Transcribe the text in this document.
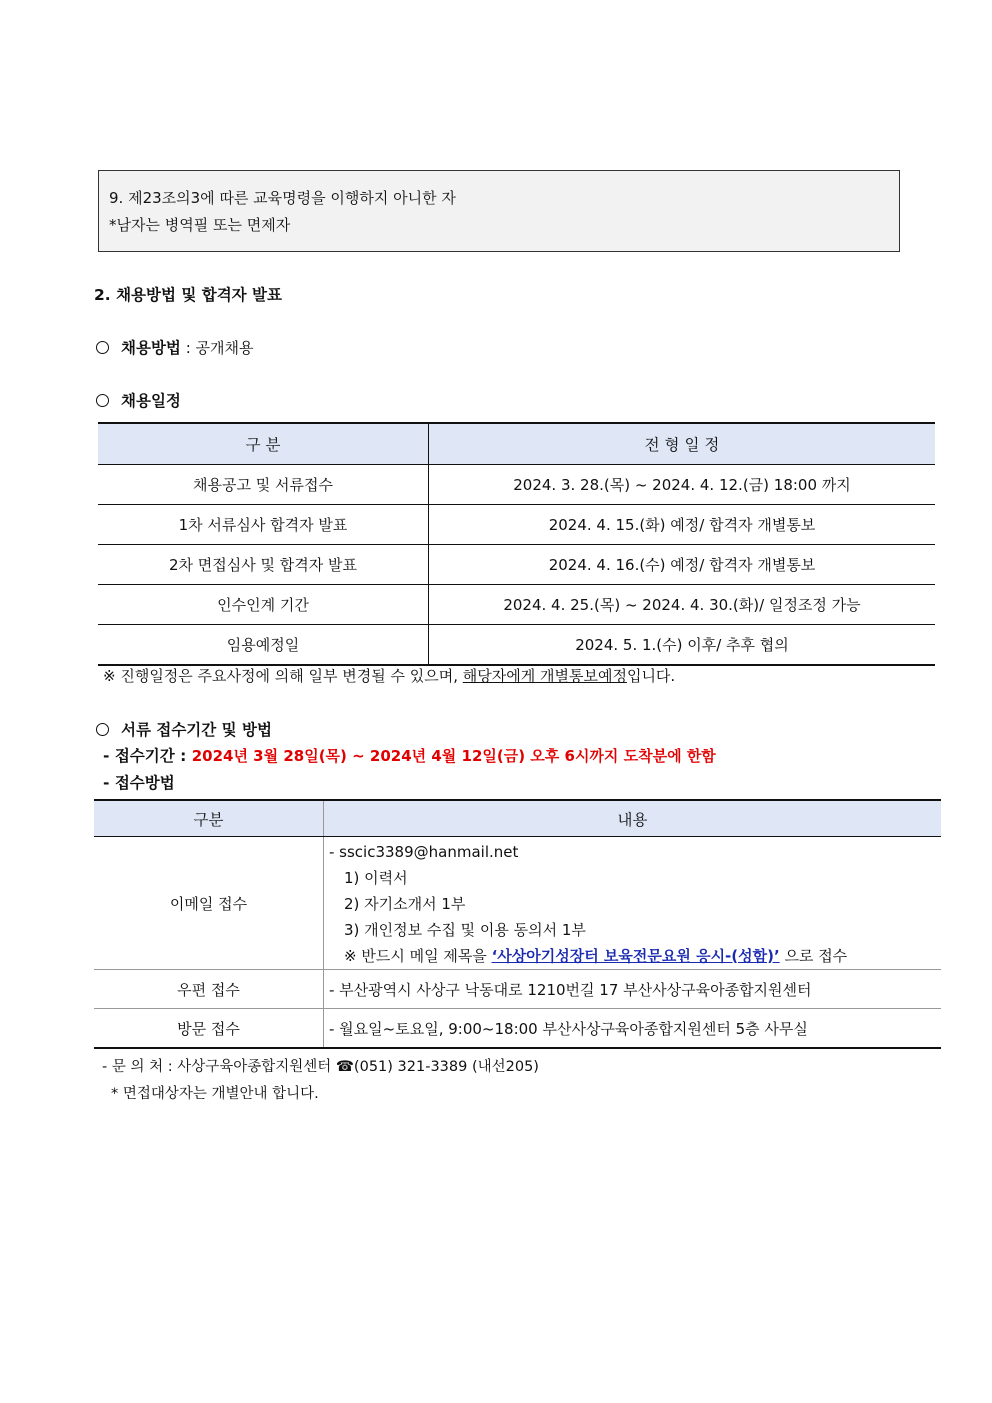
9. 제23조의3에 따른 교육명령을 이행하지 아니한 자
*남자는 병역필 또는 면제자
2. 채용방법 및 합격자 발표
채용방법 : 공개채용
채용일정
구 분	전 형 일 정
채용공고 및 서류접수	2024. 3. 28.(목) ~ 2024. 4. 12.(금) 18:00 까지
1차 서류심사 합격자 발표	2024. 4. 15.(화) 예정/ 합격자 개별통보
2차 면접심사 및 합격자 발표	2024. 4. 16.(수) 예정/ 합격자 개별통보
인수인계 기간	2024. 4. 25.(목) ~ 2024. 4. 30.(화)/ 일정조정 가능
임용예정일	2024. 5. 1.(수) 이후/ 추후 협의
※ 진행일정은 주요사정에 의해 일부 변경될 수 있으며, 해당자에게 개별통보예정입니다.
서류 접수기간 및 방법
- 접수기간 : 2024년 3월 28일(목) ~ 2024년 4월 12일(금) 오후 6시까지 도착분에 한함
- 접수방법
구분	내용
이메일 접수	- sscic3389@hanmail.net
1) 이력서
2) 자기소개서 1부
3) 개인정보 수집 및 이용 동의서 1부
※ 반드시 메일 제목을 ‘사상아기성장터 보육전문요원 응시-(성함)’ 으로 접수

우편 접수	- 부산광역시 사상구 낙동대로 1210번길 17 부산사상구육아종합지원센터
방문 접수	- 월요일~토요일, 9:00~18:00 부산사상구육아종합지원센터 5층 사무실
- 문 의 처 : 사상구육아종합지원센터 ☎(051) 321-3389 (내선205)
* 면접대상자는 개별안내 합니다.
